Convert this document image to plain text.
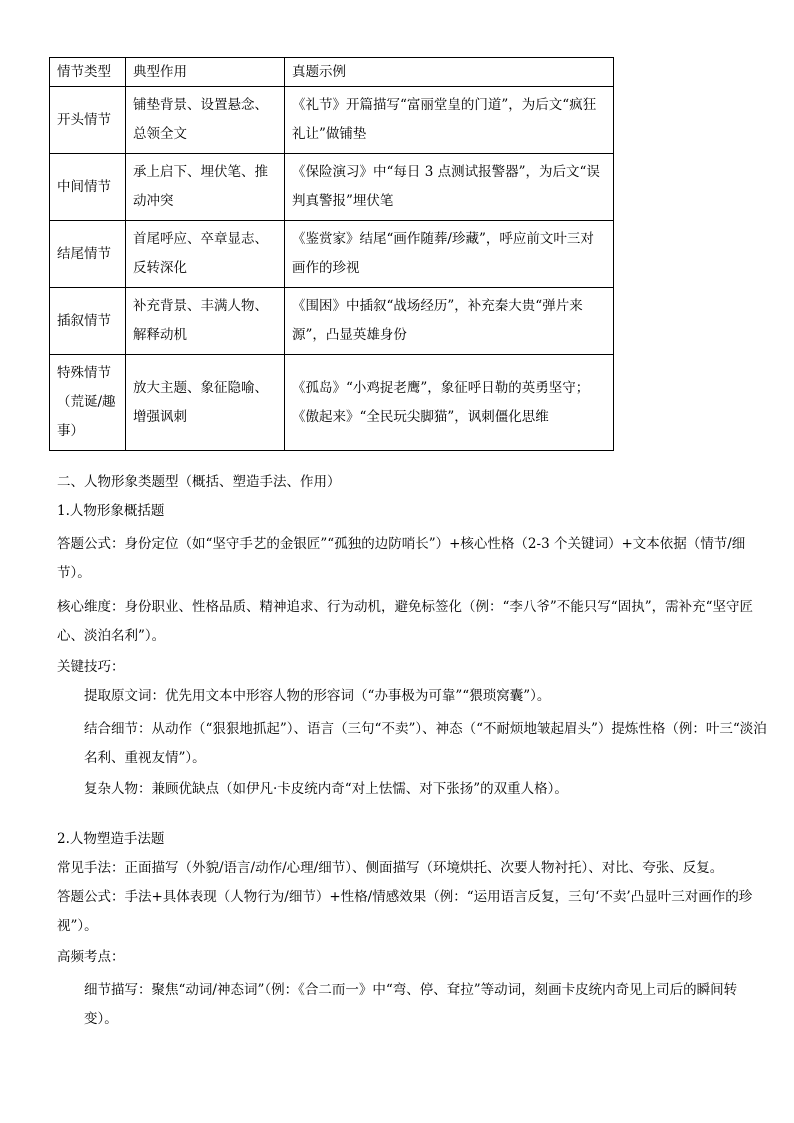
情节类型	典型作用	真题示例
开头情节	铺垫背景、设置悬念、总领全文	《礼节》开篇描写“富丽堂皇的门道”，为后文“疯狂礼让”做铺垫
中间情节	承上启下、埋伏笔、推动冲突	《保险演习》中“每日 3 点测试报警器”，为后文“误判真警报”埋伏笔
结尾情节	首尾呼应、卒章显志、反转深化	《鉴赏家》结尾“画作随葬/珍藏”，呼应前文叶三对画作的珍视
插叙情节	补充背景、丰满人物、解释动机	《围困》中插叙“战场经历”，补充秦大贵“弹片来源”，凸显英雄身份
特殊情节（荒诞/趣事）	放大主题、象征隐喻、增强讽刺	《孤岛》“小鸡捉老鹰”，象征呼日勒的英勇坚守；
《傲起来》“全民玩尖脚猫”，讽刺僵化思维

二、人物形象类题型（概括、塑造手法、作用）

1.人物形象概括题

答题公式：身份定位（如“坚守手艺的金银匠”“孤独的边防哨长”）+核心性格（2-3 个关键词）+文本依据（情节/细节）。

核心维度：身份职业、性格品质、精神追求、行为动机，避免标签化（例：“李八爷”不能只写“固执”，需补充“坚守匠心、淡泊名利”）。

关键技巧：

提取原文词：优先用文本中形容人物的形容词（“办事极为可靠”“猥琐窝囊”）。

结合细节：从动作（“狠狠地抓起”）、语言（三句“不卖”）、神态（“不耐烦地皱起眉头”）提炼性格（例：叶三“淡泊名利、重视友情”）。

复杂人物：兼顾优缺点（如伊凡·卡皮统内奇“对上怯懦、对下张扬”的双重人格）。

2.人物塑造手法题

常见手法：正面描写（外貌/语言/动作/心理/细节）、侧面描写（环境烘托、次要人物衬托）、对比、夸张、反复。

答题公式：手法+具体表现（人物行为/细节）+性格/情感效果（例：“运用语言反复，三句‘不卖’凸显叶三对画作的珍视”）。

高频考点：

细节描写：聚焦“动词/神态词”（例：《合二而一》中“弯、停、耷拉”等动词，刻画卡皮统内奇见上司后的瞬间转变）。
